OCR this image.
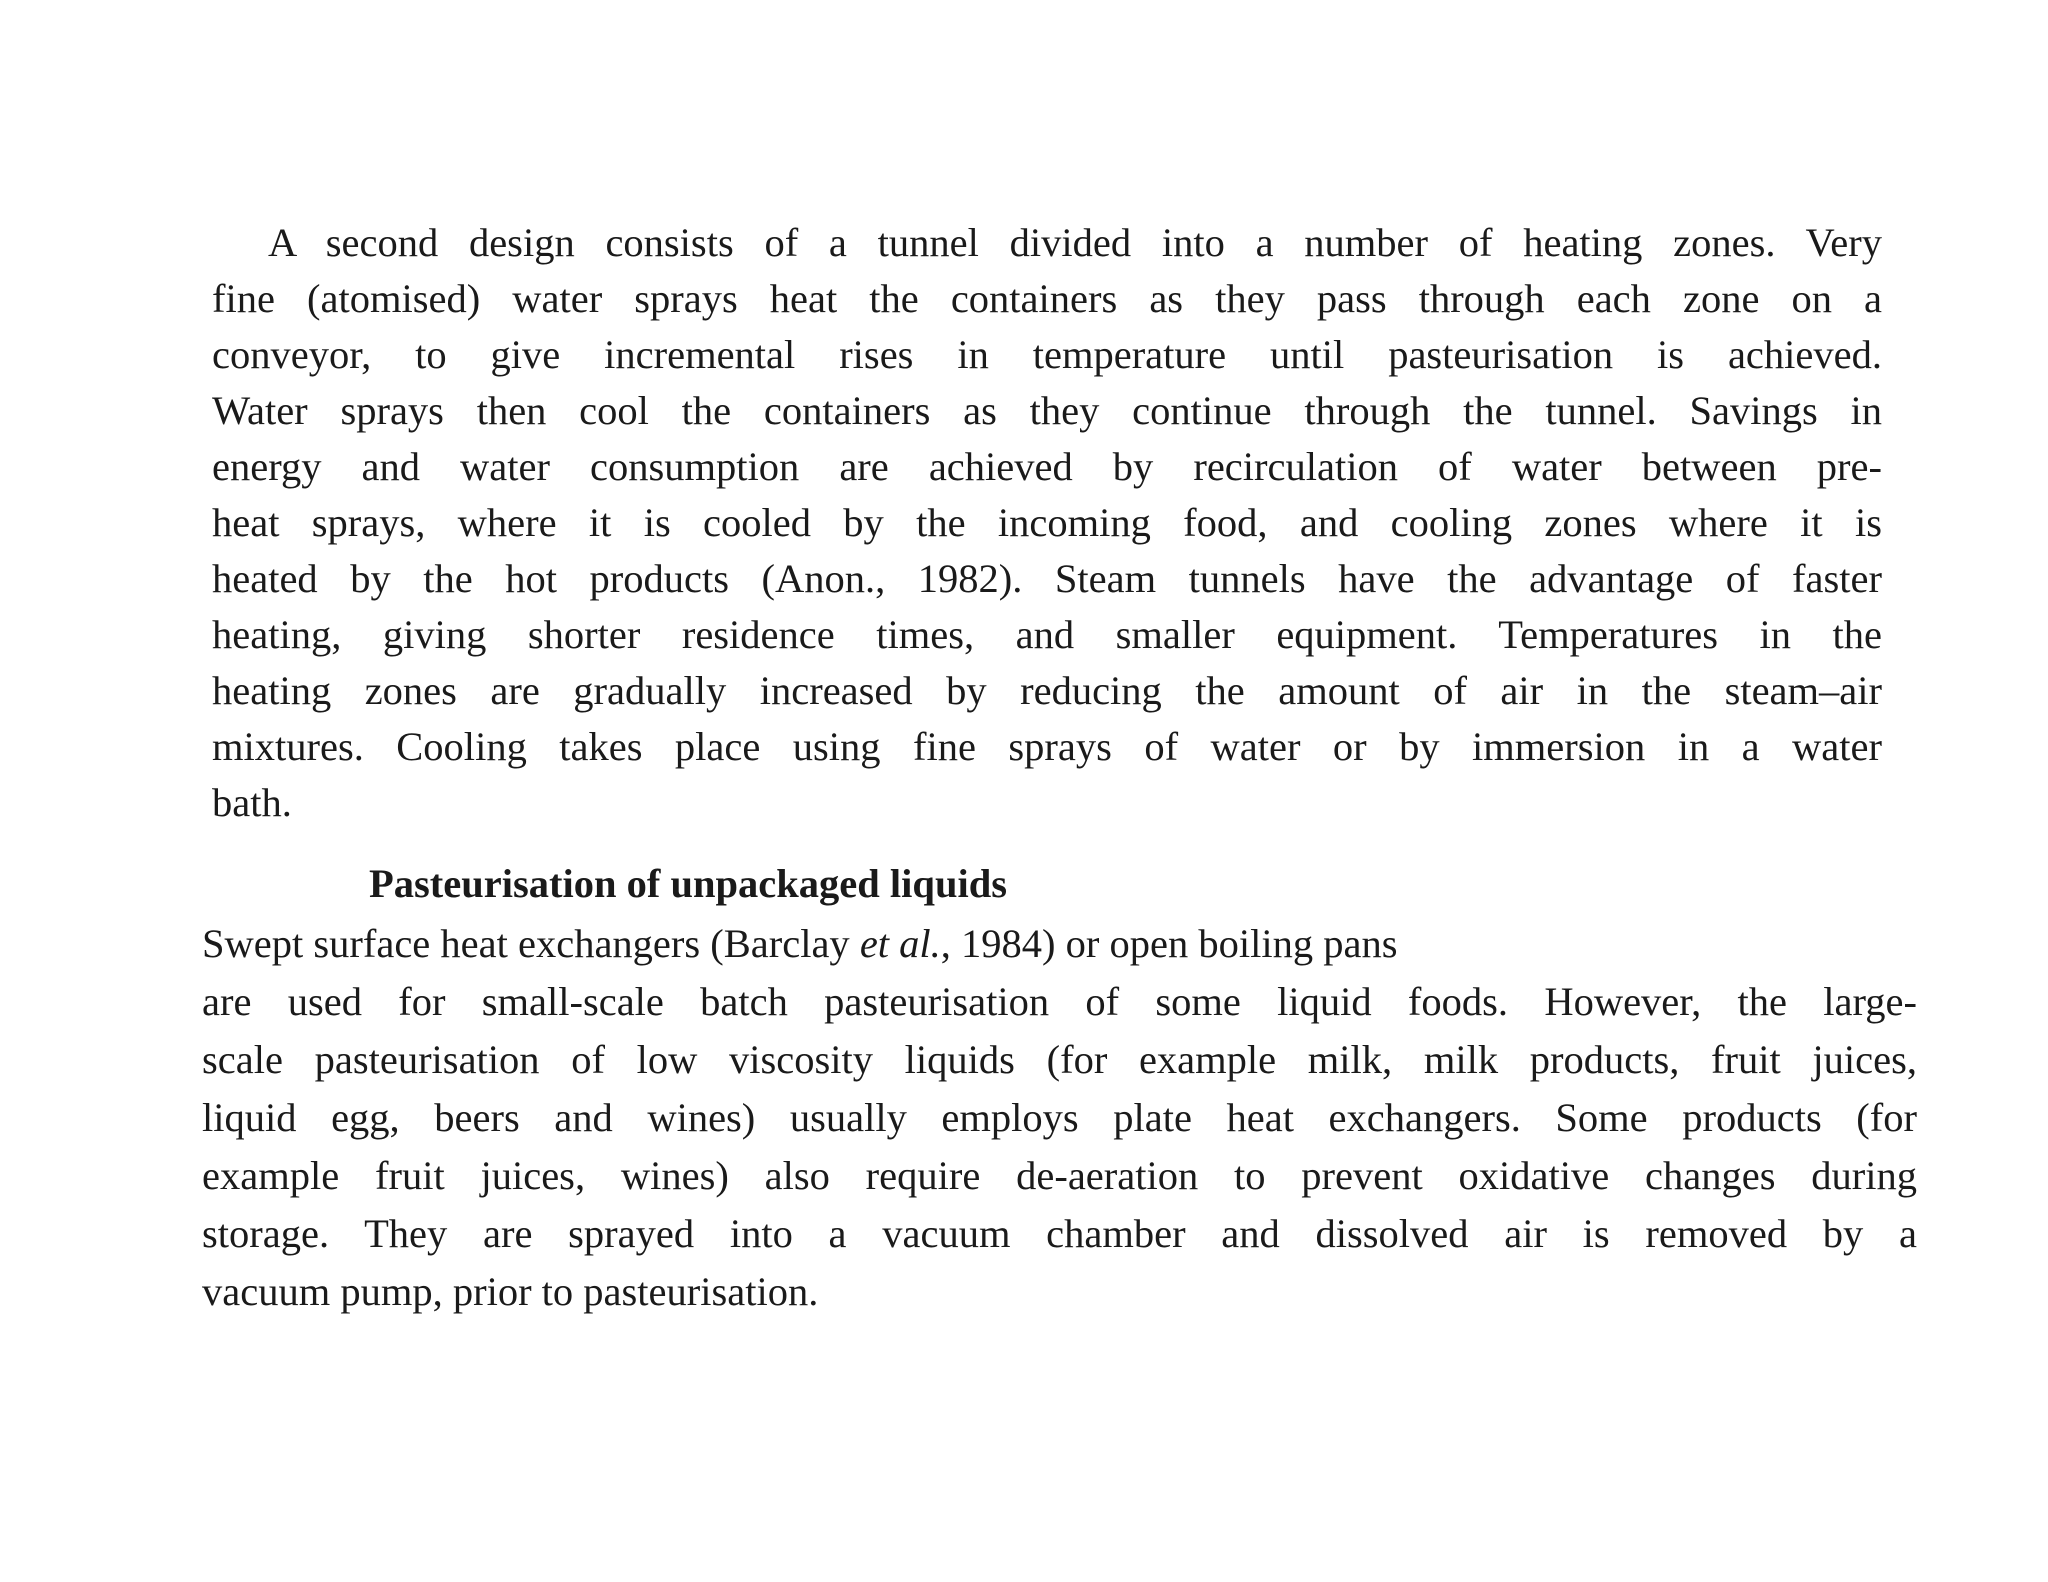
A second design consists of a tunnel divided into a number of heating zones. Very
fine (atomised) water sprays heat the containers as they pass through each zone on a
conveyor, to give incremental rises in temperature until pasteurisation is achieved.
Water sprays then cool the containers as they continue through the tunnel. Savings in
energy and water consumption are achieved by recirculation of water between pre-
heat sprays, where it is cooled by the incoming food, and cooling zones where it is
heated by the hot products (Anon., 1982). Steam tunnels have the advantage of faster
heating, giving shorter residence times, and smaller equipment. Temperatures in the
heating zones are gradually increased by reducing the amount of air in the steam–air
mixtures. Cooling takes place using fine sprays of water or by immersion in a water
bath.
Pasteurisation of unpackaged liquids
Swept surface heat exchangers (Barclay et al., 1984) or open boiling pans
are used for small-scale batch pasteurisation of some liquid foods. However, the large-
scale pasteurisation of low viscosity liquids (for example milk, milk products, fruit juices,
liquid egg, beers and wines) usually employs plate heat exchangers. Some products (for
example fruit juices, wines) also require de-aeration to prevent oxidative changes during
storage. They are sprayed into a vacuum chamber and dissolved air is removed by a
vacuum pump, prior to pasteurisation.
